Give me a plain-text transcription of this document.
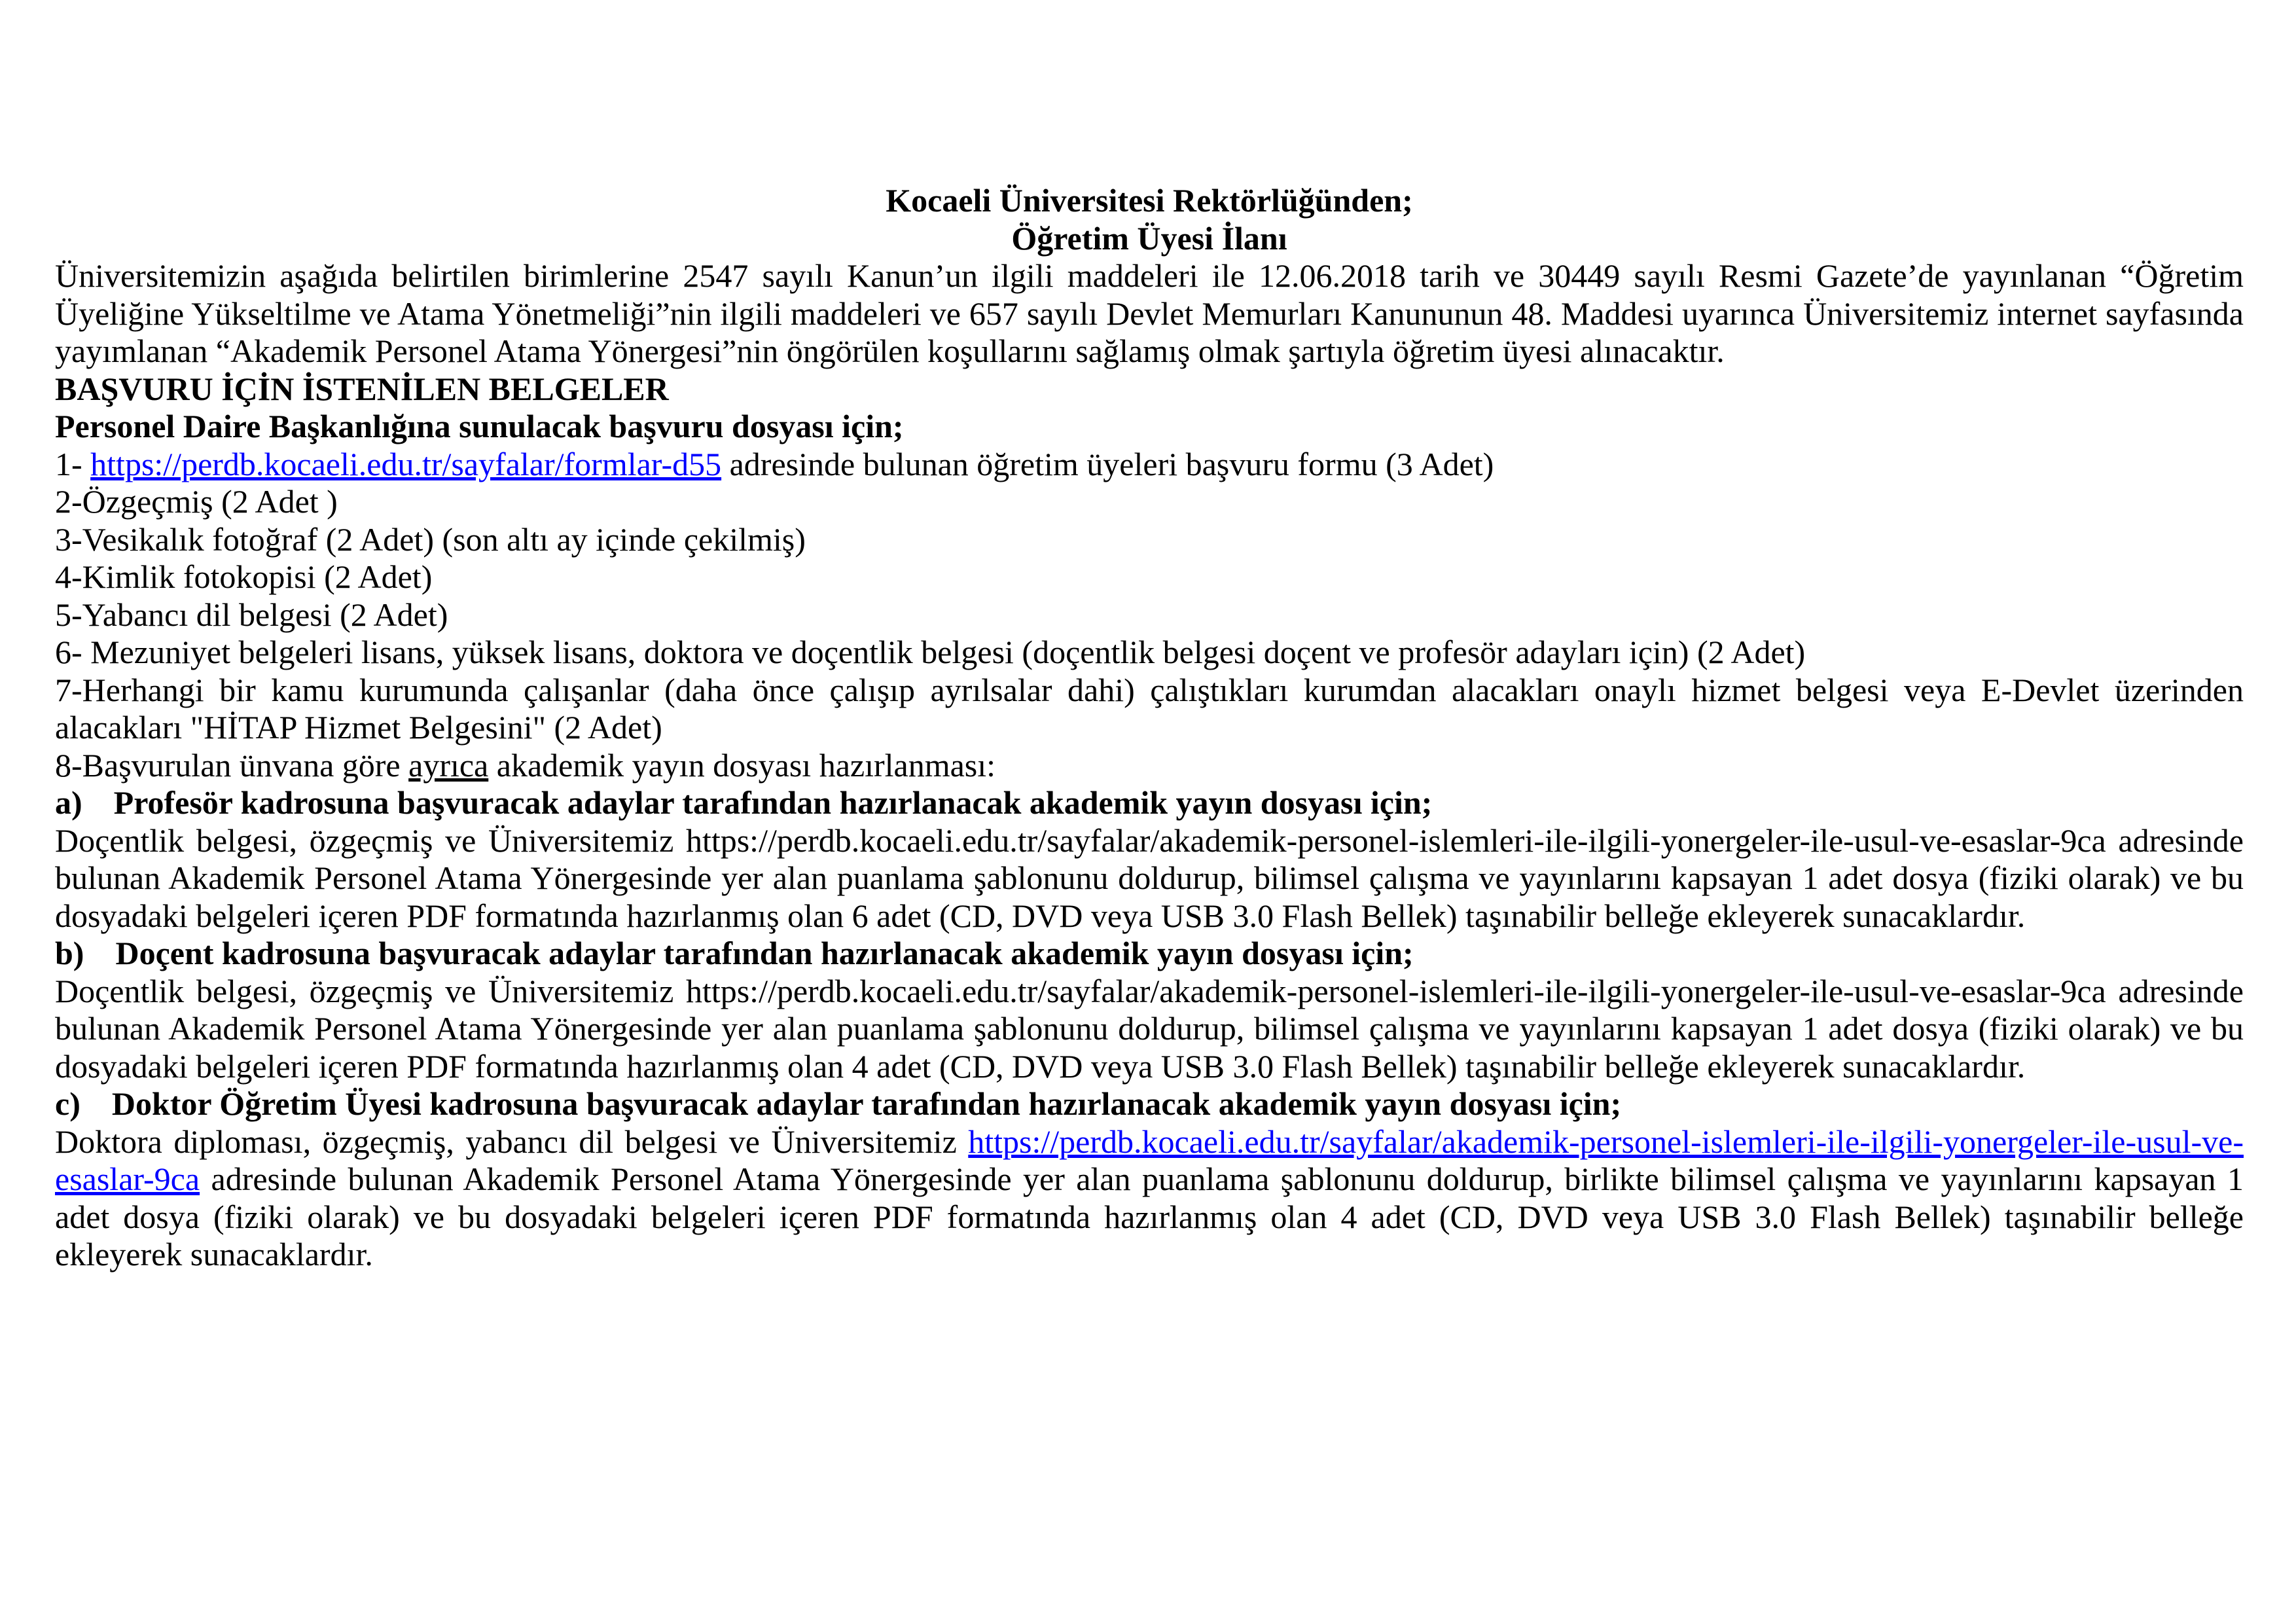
Kocaeli Üniversitesi Rektörlüğünden;
Öğretim Üyesi İlanı

Üniversitemizin aşağıda belirtilen birimlerine 2547 sayılı Kanun’un ilgili maddeleri ile 12.06.2018 tarih ve 30449 sayılı Resmi Gazete’de yayınlanan “Öğretim Üyeliğine Yükseltilme ve Atama Yönetmeliği”nin ilgili maddeleri ve 657 sayılı Devlet Memurları Kanununun 48. Maddesi uyarınca Üniversitemiz internet sayfasında yayımlanan “Akademik Personel Atama Yönergesi”nin öngörülen koşullarını sağlamış olmak şartıyla öğretim üyesi alınacaktır.

BAŞVURU İÇİN İSTENİLEN BELGELER
Personel Daire Başkanlığına sunulacak başvuru dosyası için;
1- https://perdb.kocaeli.edu.tr/sayfalar/formlar-d55 adresinde bulunan öğretim üyeleri başvuru formu (3 Adet)
2-Özgeçmiş (2 Adet )
3-Vesikalık fotoğraf (2 Adet) (son altı ay içinde çekilmiş)
4-Kimlik fotokopisi (2 Adet)
5-Yabancı dil belgesi (2 Adet)
6- Mezuniyet belgeleri lisans, yüksek lisans, doktora ve doçentlik belgesi (doçentlik belgesi doçent ve profesör adayları için) (2 Adet)
7-Herhangi bir kamu kurumunda çalışanlar (daha önce çalışıp ayrılsalar dahi) çalıştıkları kurumdan alacakları onaylı hizmet belgesi veya E-Devlet üzerinden alacakları "HİTAP Hizmet Belgesini" (2 Adet)
8-Başvurulan ünvana göre ayrıca akademik yayın dosyası hazırlanması:
a) Profesör kadrosuna başvuracak adaylar tarafından hazırlanacak akademik yayın dosyası için;

Doçentlik belgesi, özgeçmiş ve Üniversitemiz https://perdb.kocaeli.edu.tr/sayfalar/akademik-personel-islemleri-ile-ilgili-yonergeler-ile-usul-ve-esaslar-9ca adresinde bulunan Akademik Personel Atama Yönergesinde yer alan puanlama şablonunu doldurup, bilimsel çalışma ve yayınlarını kapsayan 1 adet dosya (fiziki olarak) ve bu dosyadaki belgeleri içeren PDF formatında hazırlanmış olan 6 adet (CD, DVD veya USB 3.0 Flash Bellek) taşınabilir belleğe ekleyerek sunacaklardır.

b) Doçent kadrosuna başvuracak adaylar tarafından hazırlanacak akademik yayın dosyası için;

Doçentlik belgesi, özgeçmiş ve Üniversitemiz https://perdb.kocaeli.edu.tr/sayfalar/akademik-personel-islemleri-ile-ilgili-yonergeler-ile-usul-ve-esaslar-9ca adresinde bulunan Akademik Personel Atama Yönergesinde yer alan puanlama şablonunu doldurup, bilimsel çalışma ve yayınlarını kapsayan 1 adet dosya (fiziki olarak) ve bu dosyadaki belgeleri içeren PDF formatında hazırlanmış olan 4 adet (CD, DVD veya USB 3.0 Flash Bellek) taşınabilir belleğe ekleyerek sunacaklardır.

c) Doktor Öğretim Üyesi kadrosuna başvuracak adaylar tarafından hazırlanacak akademik yayın dosyası için;

Doktora diploması, özgeçmiş, yabancı dil belgesi ve Üniversitemiz https://perdb.kocaeli.edu.tr/sayfalar/akademik-personel-islemleri-ile-ilgili-yonergeler-ile-usul-ve-esaslar-9ca adresinde bulunan Akademik Personel Atama Yönergesinde yer alan puanlama şablonunu doldurup, birlikte bilimsel çalışma ve yayınlarını kapsayan 1 adet dosya (fiziki olarak) ve bu dosyadaki belgeleri içeren PDF formatında hazırlanmış olan 4 adet (CD, DVD veya USB 3.0 Flash Bellek) taşınabilir belleğe ekleyerek sunacaklardır.
